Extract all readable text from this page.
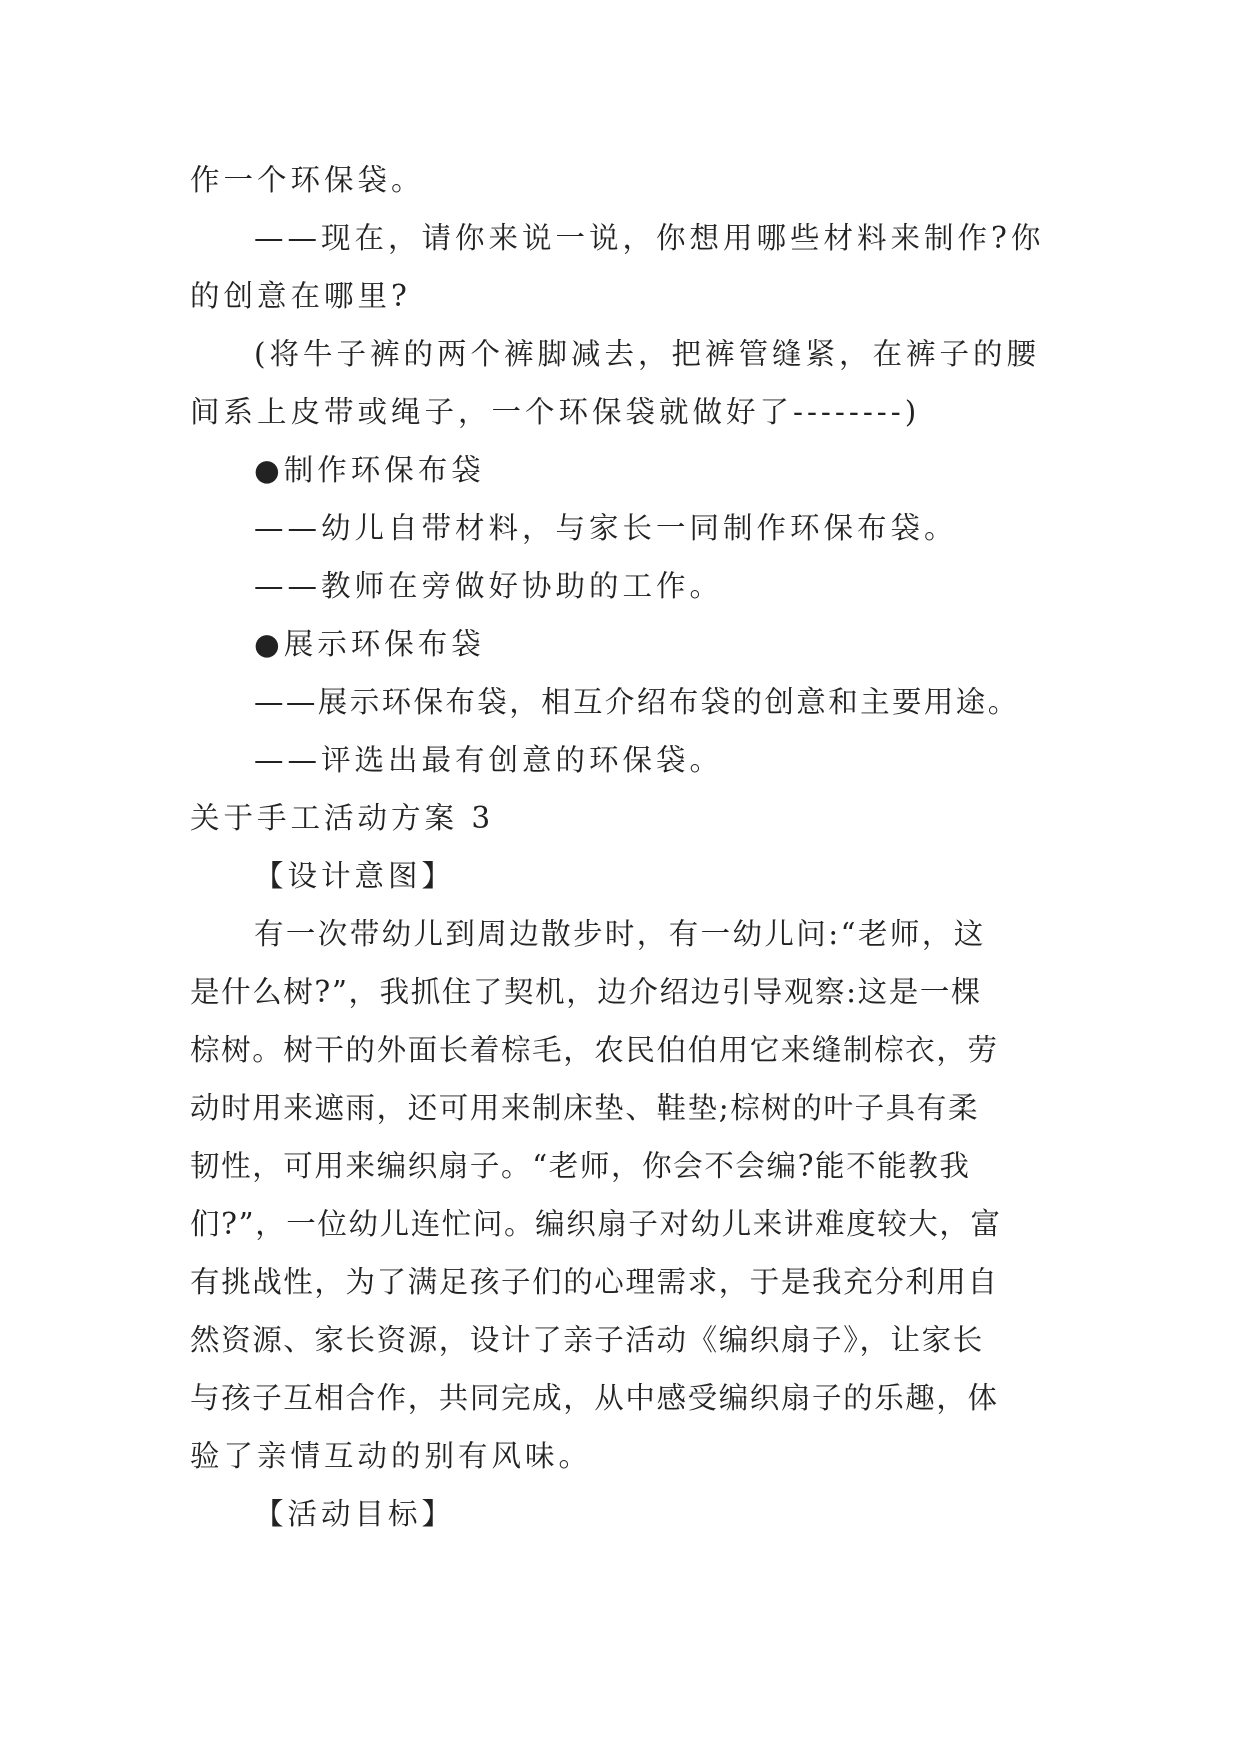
作一个环保袋。

——现在，请你来说一说，你想用哪些材料来制作?你

的创意在哪里?

(将牛子裤的两个裤脚减去，把裤管缝紧，在裤子的腰

间系上皮带或绳子，一个环保袋就做好了--------)

●制作环保布袋

——幼儿自带材料，与家长一同制作环保布袋。

——教师在旁做好协助的工作。

●展示环保布袋

——展示环保布袋，相互介绍布袋的创意和主要用途。

——评选出最有创意的环保袋。

关于手工活动方案 3

【设计意图】

有一次带幼儿到周边散步时，有一幼儿问:“老师，这

是什么树?”，我抓住了契机，边介绍边引导观察:这是一棵

棕树。树干的外面长着棕毛，农民伯伯用它来缝制棕衣，劳

动时用来遮雨，还可用来制床垫、鞋垫;棕树的叶子具有柔

韧性，可用来编织扇子。“老师，你会不会编?能不能教我

们?”，一位幼儿连忙问。编织扇子对幼儿来讲难度较大，富

有挑战性，为了满足孩子们的心理需求，于是我充分利用自

然资源、家长资源，设计了亲子活动《编织扇子》，让家长

与孩子互相合作，共同完成，从中感受编织扇子的乐趣，体

验了亲情互动的别有风味。

【活动目标】
